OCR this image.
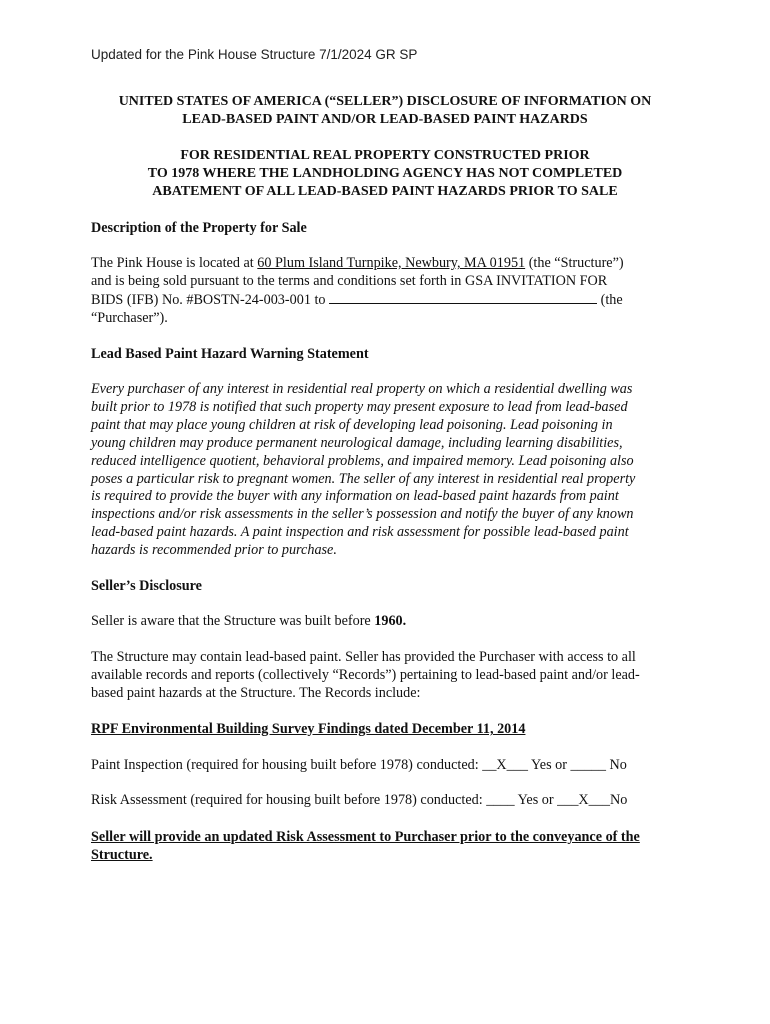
Updated for the Pink House Structure 7/1/2024 GR SP
UNITED STATES OF AMERICA (“SELLER”) DISCLOSURE OF INFORMATION ON
LEAD-BASED PAINT AND/OR LEAD-BASED PAINT HAZARDS
FOR RESIDENTIAL REAL PROPERTY CONSTRUCTED PRIOR
TO 1978 WHERE THE LANDHOLDING AGENCY HAS NOT COMPLETED
ABATEMENT OF ALL LEAD-BASED PAINT HAZARDS PRIOR TO SALE
Description of the Property for Sale
The Pink House is located at 60 Plum Island Turnpike, Newbury, MA 01951 (the “Structure”)
and is being sold pursuant to the terms and conditions set forth in GSA INVITATION FOR
BIDS (IFB) No. #BOSTN-24-003-001 to	(the
“Purchaser”).
Lead Based Paint Hazard Warning Statement
Every purchaser of any interest in residential real property on which a residential dwelling was
built prior to 1978 is notified that such property may present exposure to lead from lead-based
paint that may place young children at risk of developing lead poisoning. Lead poisoning in
young children may produce permanent neurological damage, including learning disabilities,
reduced intelligence quotient, behavioral problems, and impaired memory. Lead poisoning also
poses a particular risk to pregnant women. The seller of any interest in residential real property
is required to provide the buyer with any information on lead-based paint hazards from paint
inspections and/or risk assessments in the seller’s possession and notify the buyer of any known
lead-based paint hazards. A paint inspection and risk assessment for possible lead-based paint
hazards is recommended prior to purchase.
Seller’s Disclosure
Seller is aware that the Structure was built before 1960.
The Structure may contain lead-based paint. Seller has provided the Purchaser with access to all
available records and reports (collectively “Records”) pertaining to lead-based paint and/or lead-
based paint hazards at the Structure. The Records include:
RPF Environmental Building Survey Findings dated December 11, 2014
Paint Inspection (required for housing built before 1978) conducted: __X___ Yes or _____ No
Risk Assessment (required for housing built before 1978) conducted: ____ Yes or ___X___No
Seller will provide an updated Risk Assessment to Purchaser prior to the conveyance of the
Structure.
